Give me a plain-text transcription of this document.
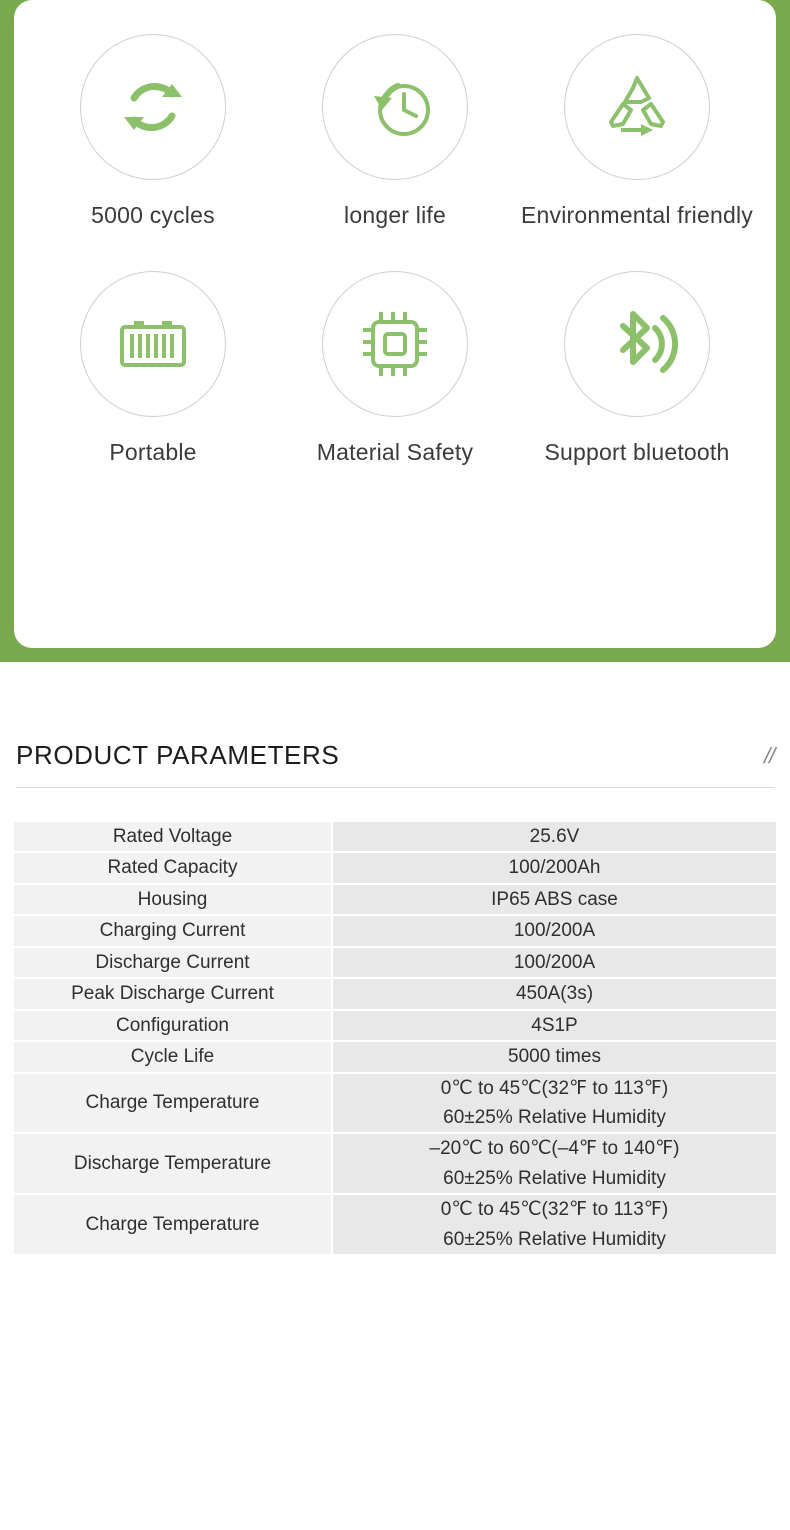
5000 cycles	longer life	Environmental friendly
Portable	Material Safety	Support bluetooth
PRODUCT PARAMETERS	//
Rated Voltage	25.6V

Rated Capacity	100/200Ah

Housing	IP65 ABS case

Charging Current	100/200A

Discharge Current	100/200A

Peak Discharge Current	450A(3s)

Configuration	4S1P

Cycle Life	5000 times

Charge Temperature	0℃ to 45℃(32℉ to 113℉)
60±25% Relative Humidity

Discharge Temperature	–20℃ to 60℃(–4℉ to 140℉)
60±25% Relative Humidity

Charge Temperature	0℃ to 45℃(32℉ to 113℉)
60±25% Relative Humidity
